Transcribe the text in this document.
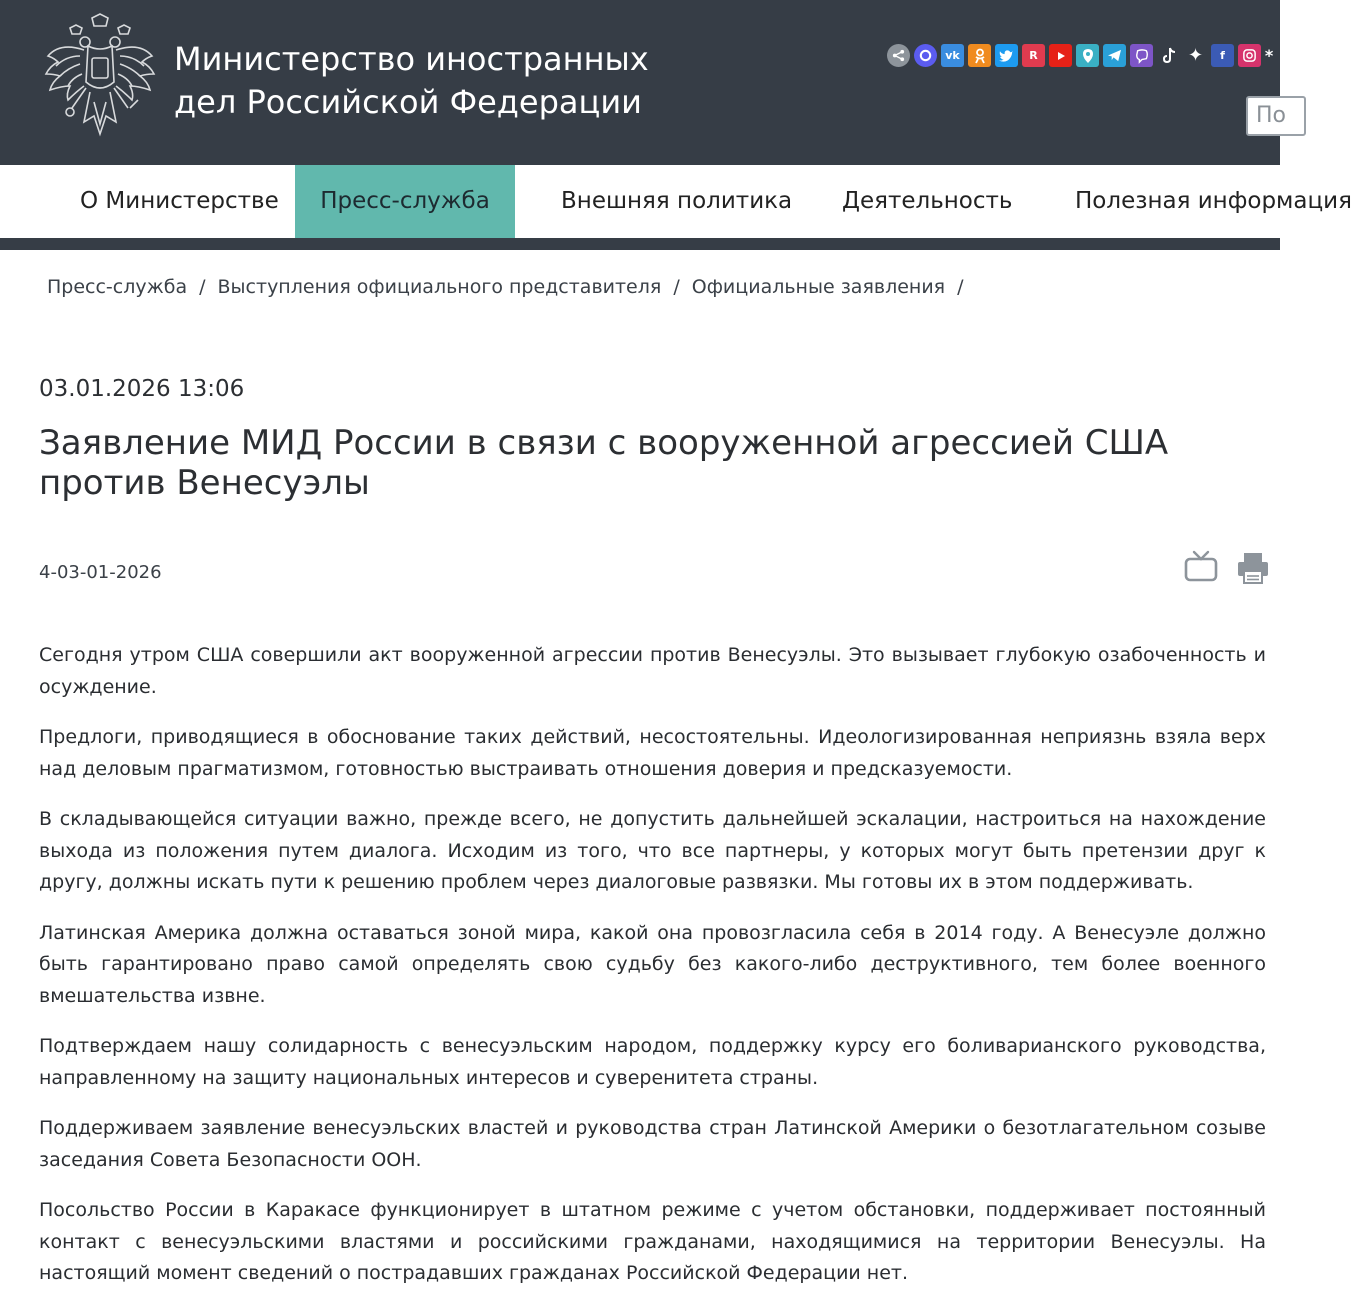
Министерство иностранных
дел Российской Федерации
vk	R	✦	f	*
По
О Министерстве	Пресс-служба	Внешняя политика Деятельность	Полезная информация
Пресс-служба / Выступления официального представителя / Официальные заявления /
03.01.2026 13:06
Заявление МИД России в связи с вооруженной агрессией США против Венесуэлы
4-03-01-2026

Сегодня утром США совершили акт вооруженной агрессии против Венесуэлы. Это вызывает глубокую озабоченность и осуждение.

Предлоги, приводящиеся в обоснование таких действий, несостоятельны. Идеологизированная неприязнь взяла верх над деловым прагматизмом, готовностью выстраивать отношения доверия и предсказуемости.

В складывающейся ситуации важно, прежде всего, не допустить дальнейшей эскалации, настроиться на нахождение выхода из положения путем диалога. Исходим из того, что все партнеры, у которых могут быть претензии друг к другу, должны искать пути к решению проблем через диалоговые развязки. Мы готовы их в этом поддерживать.

Латинская Америка должна оставаться зоной мира, какой она провозгласила себя в 2014 году. А Венесуэле должно быть гарантировано право самой определять свою судьбу без какого-либо деструктивного, тем более военного вмешательства извне.

Подтверждаем нашу солидарность с венесуэльским народом, поддержку курсу его боливарианского руководства, направленному на защиту национальных интересов и суверенитета страны.

Поддерживаем заявление венесуэльских властей и руководства стран Латинской Америки о безотлагательном созыве заседания Совета Безопасности ООН.

Посольство России в Каракасе функционирует в штатном режиме с учетом обстановки, поддерживает постоянный контакт с венесуэльскими властями и российскими гражданами, находящимися на территории Венесуэлы. На настоящий момент сведений о пострадавших гражданах Российской Федерации нет.
